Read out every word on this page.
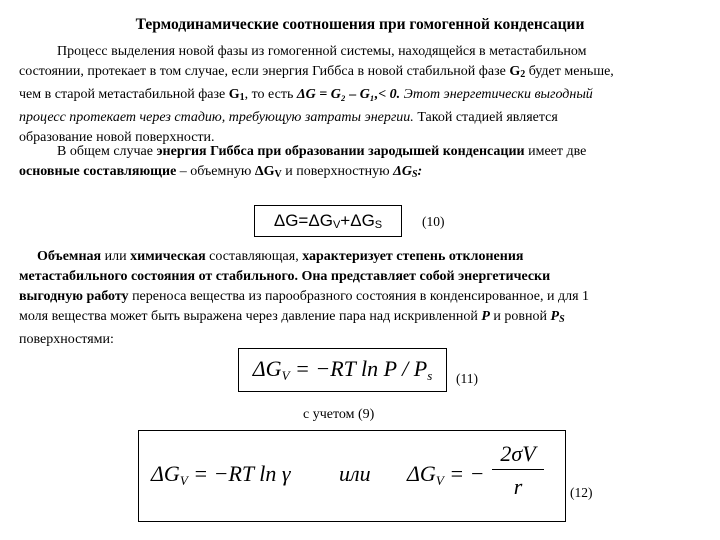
Термодинамические соотношения при гомогенной конденсации
Процесс выделения новой фазы из гомогенной системы, находящейся в метастабильном
состоянии, протекает в том случае, если энергия Гиббса в новой стабильной фазе $G_2$ будет меньше,
чем в старой метастабильной фазе $G_1$, то есть ΔG = G₂ – G₁,< 0. Этот энергетически выгодный
процесс протекает через стадию, требующую затраты энергии. Такой стадией является
образование новой поверхности.
В общем случае энергия Гиббса при образовании зародышей конденсации имеет две
основные составляющие – объемную $\Delta G_V$ и поверхностную $\Delta G_S$:
ΔG=ΔGV+ΔGS	(10)
Объемная или химическая составляющая, характеризует степень отклонения
метастабильного состояния от стабильного. Она представляет собой энергетически
выгодную работу переноса вещества из парообразного состояния в конденсированное, и для 1
моля вещества может быть выражена через давление пара над искривленной P и ровной $P_S$
поверхностями:
ΔGV = −RT ln P / Ps (11)
с учетом (9)
ΔGV = −RT ln γ или ΔGV = − $\frac{2\sigma V}{r} (12)$
